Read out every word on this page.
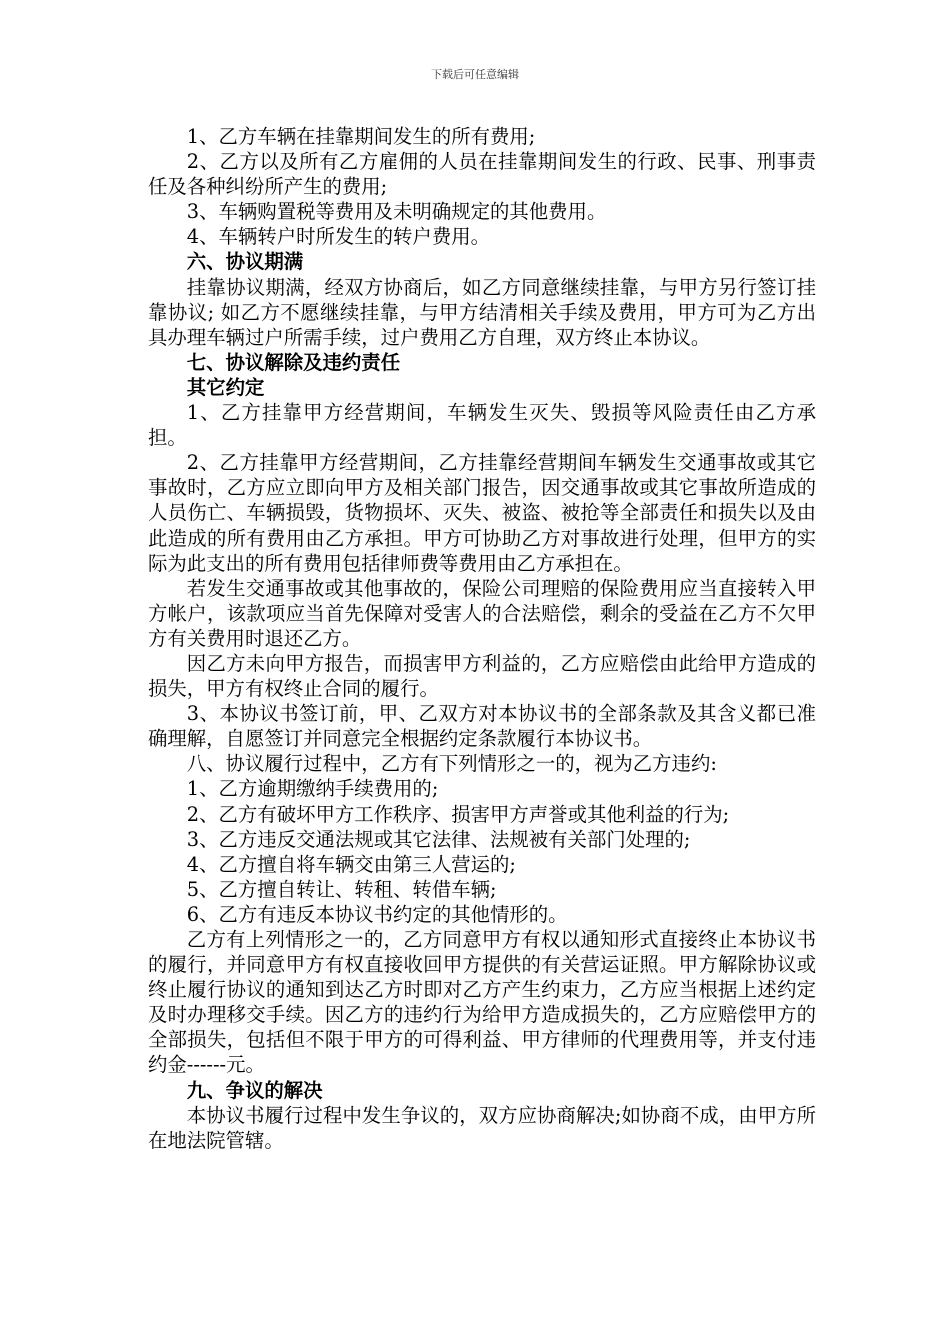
下载后可任意编辑

1、乙方车辆在挂靠期间发生的所有费用;

2、乙方以及所有乙方雇佣的人员在挂靠期间发生的行政、民事、刑事责任及各种纠纷所产生的费用;

3、车辆购置税等费用及未明确规定的其他费用。

4、车辆转户时所发生的转户费用。

六、协议期满

挂靠协议期满，经双方协商后，如乙方同意继续挂靠，与甲方另行签订挂靠协议; 如乙方不愿继续挂靠，与甲方结清相关手续及费用，甲方可为乙方出具办理车辆过户所需手续，过户费用乙方自理，双方终止本协议。

七、协议解除及违约责任

其它约定

1、乙方挂靠甲方经营期间，车辆发生灭失、毁损等风险责任由乙方承担。

2、乙方挂靠甲方经营期间，乙方挂靠经营期间车辆发生交通事故或其它事故时，乙方应立即向甲方及相关部门报告，因交通事故或其它事故所造成的人员伤亡、车辆损毁，货物损坏、灭失、被盗、被抢等全部责任和损失以及由此造成的所有费用由乙方承担。甲方可协助乙方对事故进行处理，但甲方的实际为此支出的所有费用包括律师费等费用由乙方承担在。

若发生交通事故或其他事故的，保险公司理赔的保险费用应当直接转入甲方帐户，该款项应当首先保障对受害人的合法赔偿，剩余的受益在乙方不欠甲方有关费用时退还乙方。

因乙方未向甲方报告，而损害甲方利益的，乙方应赔偿由此给甲方造成的损失，甲方有权终止合同的履行。

3、本协议书签订前，甲、乙双方对本协议书的全部条款及其含义都已准确理解，自愿签订并同意完全根据约定条款履行本协议书。

八、协议履行过程中，乙方有下列情形之一的，视为乙方违约:

1、乙方逾期缴纳手续费用的;

2、乙方有破坏甲方工作秩序、损害甲方声誉或其他利益的行为;

3、乙方违反交通法规或其它法律、法规被有关部门处理的;

4、乙方擅自将车辆交由第三人营运的;

5、乙方擅自转让、转租、转借车辆;

6、乙方有违反本协议书约定的其他情形的。

乙方有上列情形之一的，乙方同意甲方有权以通知形式直接终止本协议书的履行，并同意甲方有权直接收回甲方提供的有关营运证照。甲方解除协议或终止履行协议的通知到达乙方时即对乙方产生约束力，乙方应当根据上述约定及时办理移交手续。因乙方的违约行为给甲方造成损失的，乙方应赔偿甲方的全部损失，包括但不限于甲方的可得利益、甲方律师的代理费用等，并支付违约金------元。

九、争议的解决

本协议书履行过程中发生争议的，双方应协商解决;如协商不成，由甲方所在地法院管辖。
